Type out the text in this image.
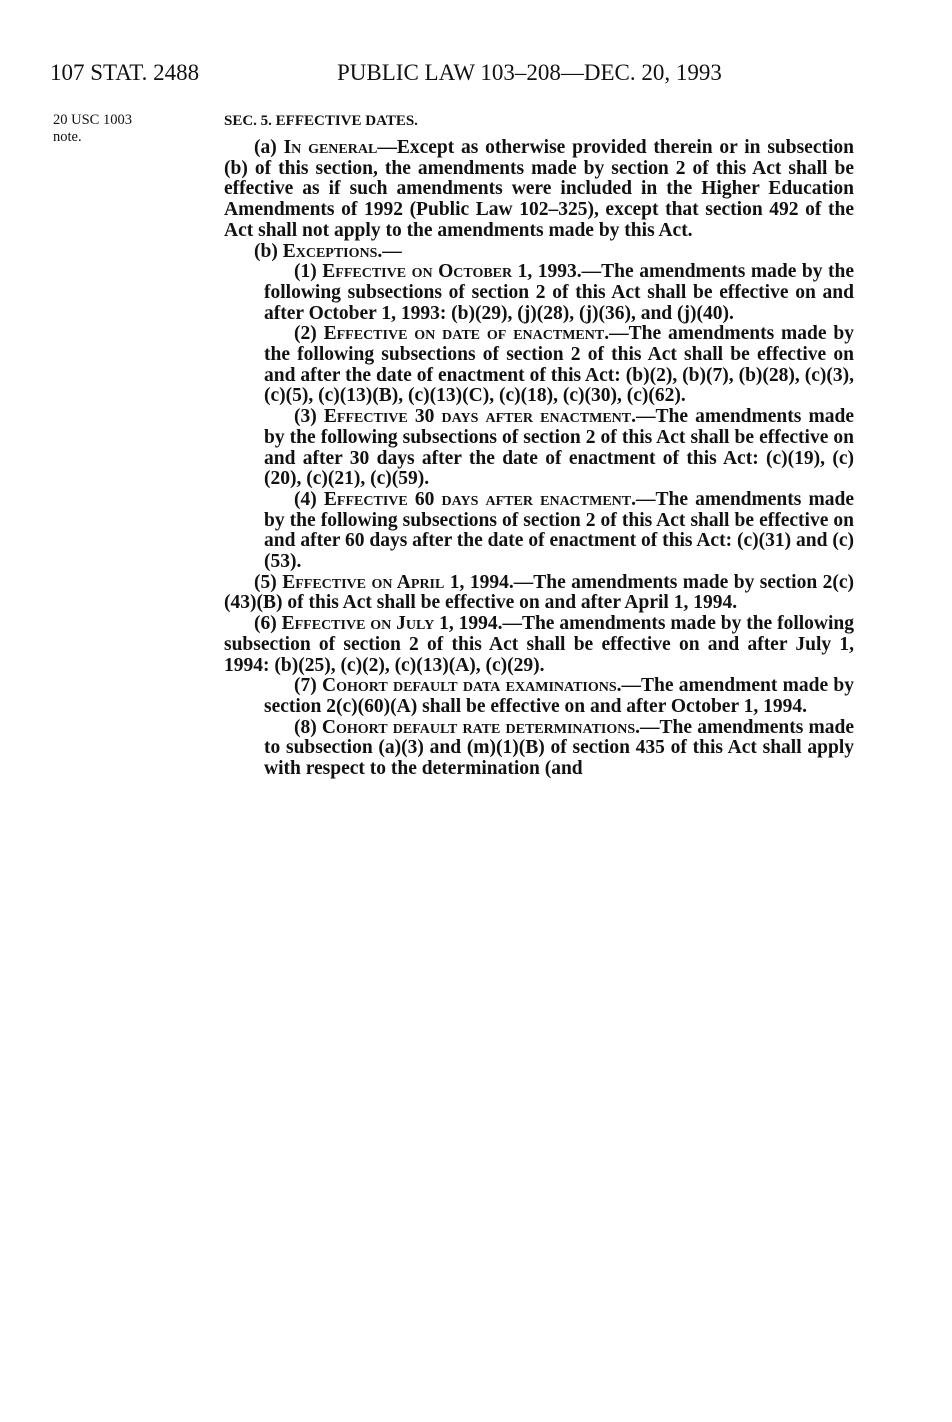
107 STAT. 2488	PUBLIC LAW 103–208—DEC. 20, 1993
20 USC 1003
note.

SEC. 5. EFFECTIVE DATES.

(a) In general—Except as otherwise provided therein or in subsection (b) of this section, the amendments made by section 2 of this Act shall be effective as if such amendments were included in the Higher Education Amendments of 1992 (Public Law 102–325), except that section 492 of the Act shall not apply to the amendments made by this Act.

(b) Exceptions.—

(1) Effective on October 1, 1993.—The amendments made by the following subsections of section 2 of this Act shall be effective on and after October 1, 1993: (b)(29), (j)(28), (j)(36), and (j)(40).

(2) Effective on date of enactment.—The amendments made by the following subsections of section 2 of this Act shall be effective on and after the date of enactment of this Act: (b)(2), (b)(7), (b)(28), (c)(3), (c)(5), (c)(13)(B), (c)(13)(C), (c)(18), (c)(30), (c)(62).

(3) Effective 30 days after enactment.—The amendments made by the following subsections of section 2 of this Act shall be effective on and after 30 days after the date of enactment of this Act: (c)(19), (c)(20), (c)(21), (c)(59).

(4) Effective 60 days after enactment.—The amendments made by the following subsections of section 2 of this Act shall be effective on and after 60 days after the date of enactment of this Act: (c)(31) and (c)(53).

(5) Effective on April 1, 1994.—The amendments made by section 2(c)(43)(B) of this Act shall be effective on and after April 1, 1994.

(6) Effective on July 1, 1994.—The amendments made by the following subsection of section 2 of this Act shall be effective on and after July 1, 1994: (b)(25), (c)(2), (c)(13)(A), (c)(29).

(7) Cohort default data examinations.—The amendment made by section 2(c)(60)(A) shall be effective on and after October 1, 1994.

(8) Cohort default rate determinations.—The amendments made to subsection (a)(3) and (m)(1)(B) of section 435 of this Act shall apply with respect to the determination (and
